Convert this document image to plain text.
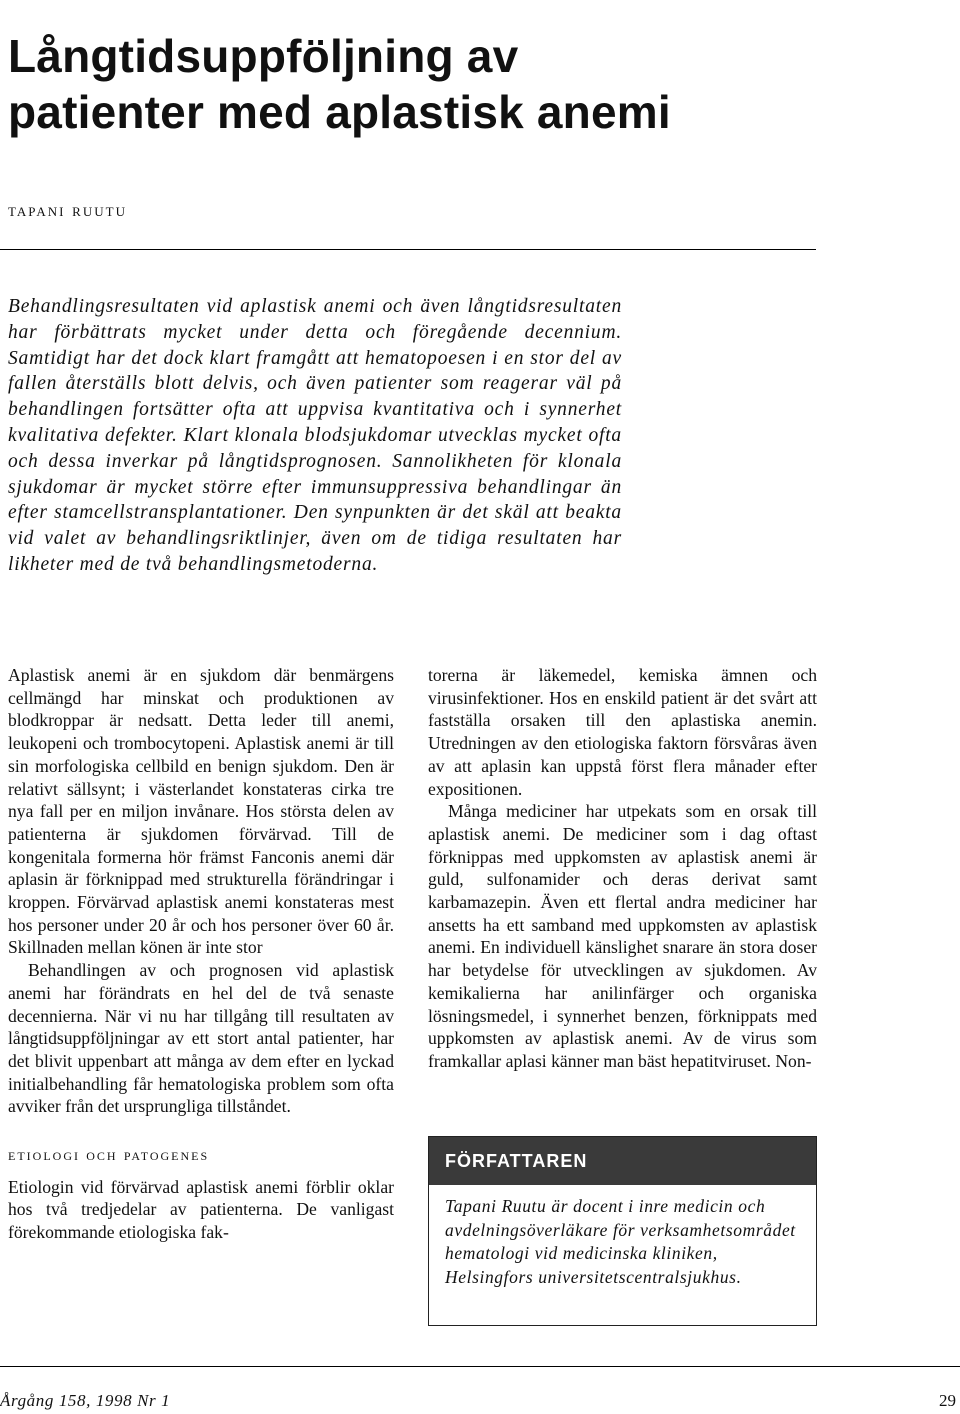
Långtidsuppföljning av
patienter med aplastisk anemi
tapani ruutu

Behandlingsresultaten vid aplastisk anemi och även långtidsresultaten har förbättrats mycket under detta och föregående decennium. Samtidigt har det dock klart framgått att hematopoesen i en stor del av fallen återställs blott delvis, och även patienter som reagerar väl på behandlingen fortsätter ofta att uppvisa kvantitativa och i synnerhet kvalitativa defekter. Klart klonala blodsjukdomar utvecklas mycket ofta och dessa inverkar på långtidsprognosen. Sannolikheten för klonala sjukdomar är mycket större efter immunsuppressiva behandlingar än efter stamcellstransplantationer. Den synpunkten är det skäl att beakta vid valet av behandlingsriktlinjer, även om de tidiga resultaten har likheter med de två behandlingsmetoderna.

Aplastisk anemi är en sjukdom där benmärgens cellmängd har minskat och produktionen av blodkroppar är nedsatt. Detta leder till anemi, leukopeni och trombocytopeni. Aplastisk anemi är till sin morfologiska cellbild en benign sjukdom. Den är relativt sällsynt; i västerlandet konstateras cirka tre nya fall per en miljon invånare. Hos största delen av patienterna är sjukdomen förvärvad. Till de kongenitala formerna hör främst Fanconis anemi där aplasin är förknippad med strukturella förändringar i kroppen. Förvärvad aplastisk anemi konstateras mest hos personer under 20 år och hos personer över 60 år. Skillnaden mellan könen är inte stor

Behandlingen av och prognosen vid aplastisk anemi har förändrats en hel del de två senaste decennierna. När vi nu har tillgång till resultaten av långtidsuppföljningar av ett stort antal patienter, har det blivit uppenbart att många av dem efter en lyckad initialbehandling får hematologiska problem som ofta avviker från det ursprungliga tillståndet.

etiologi och patogenes

Etiologin vid förvärvad aplastisk anemi förblir oklar hos två tredjedelar av patienterna. De vanligast förekommande etiologiska fak-

torerna är läkemedel, kemiska ämnen och virusinfektioner. Hos en enskild patient är det svårt att fastställa orsaken till den aplastiska anemin. Utredningen av den etiologiska faktorn försvåras även av att aplasin kan uppstå först flera månader efter expositionen.

Många mediciner har utpekats som en orsak till aplastisk anemi. De mediciner som i dag oftast förknippas med uppkomsten av aplastisk anemi är guld, sulfonamider och deras derivat samt karbamazepin. Även ett flertal andra mediciner har ansetts ha ett samband med uppkomsten av aplastisk anemi. En individuell känslighet snarare än stora doser har betydelse för utvecklingen av sjukdomen. Av kemikalierna har anilinfärger och organiska lösningsmedel, i synnerhet benzen, förknippats med uppkomsten av aplastisk anemi. Av de virus som framkallar aplasi känner man bäst hepatitviruset. Non-

FÖRFATTAREN
Tapani Ruutu är docent i inre medicin och avdelningsöverläkare för verksamhetsområdet hematologi vid medicinska kliniken, Helsingfors universitetscentralsjukhus.
Årgång 158, 1998 Nr 1	29
